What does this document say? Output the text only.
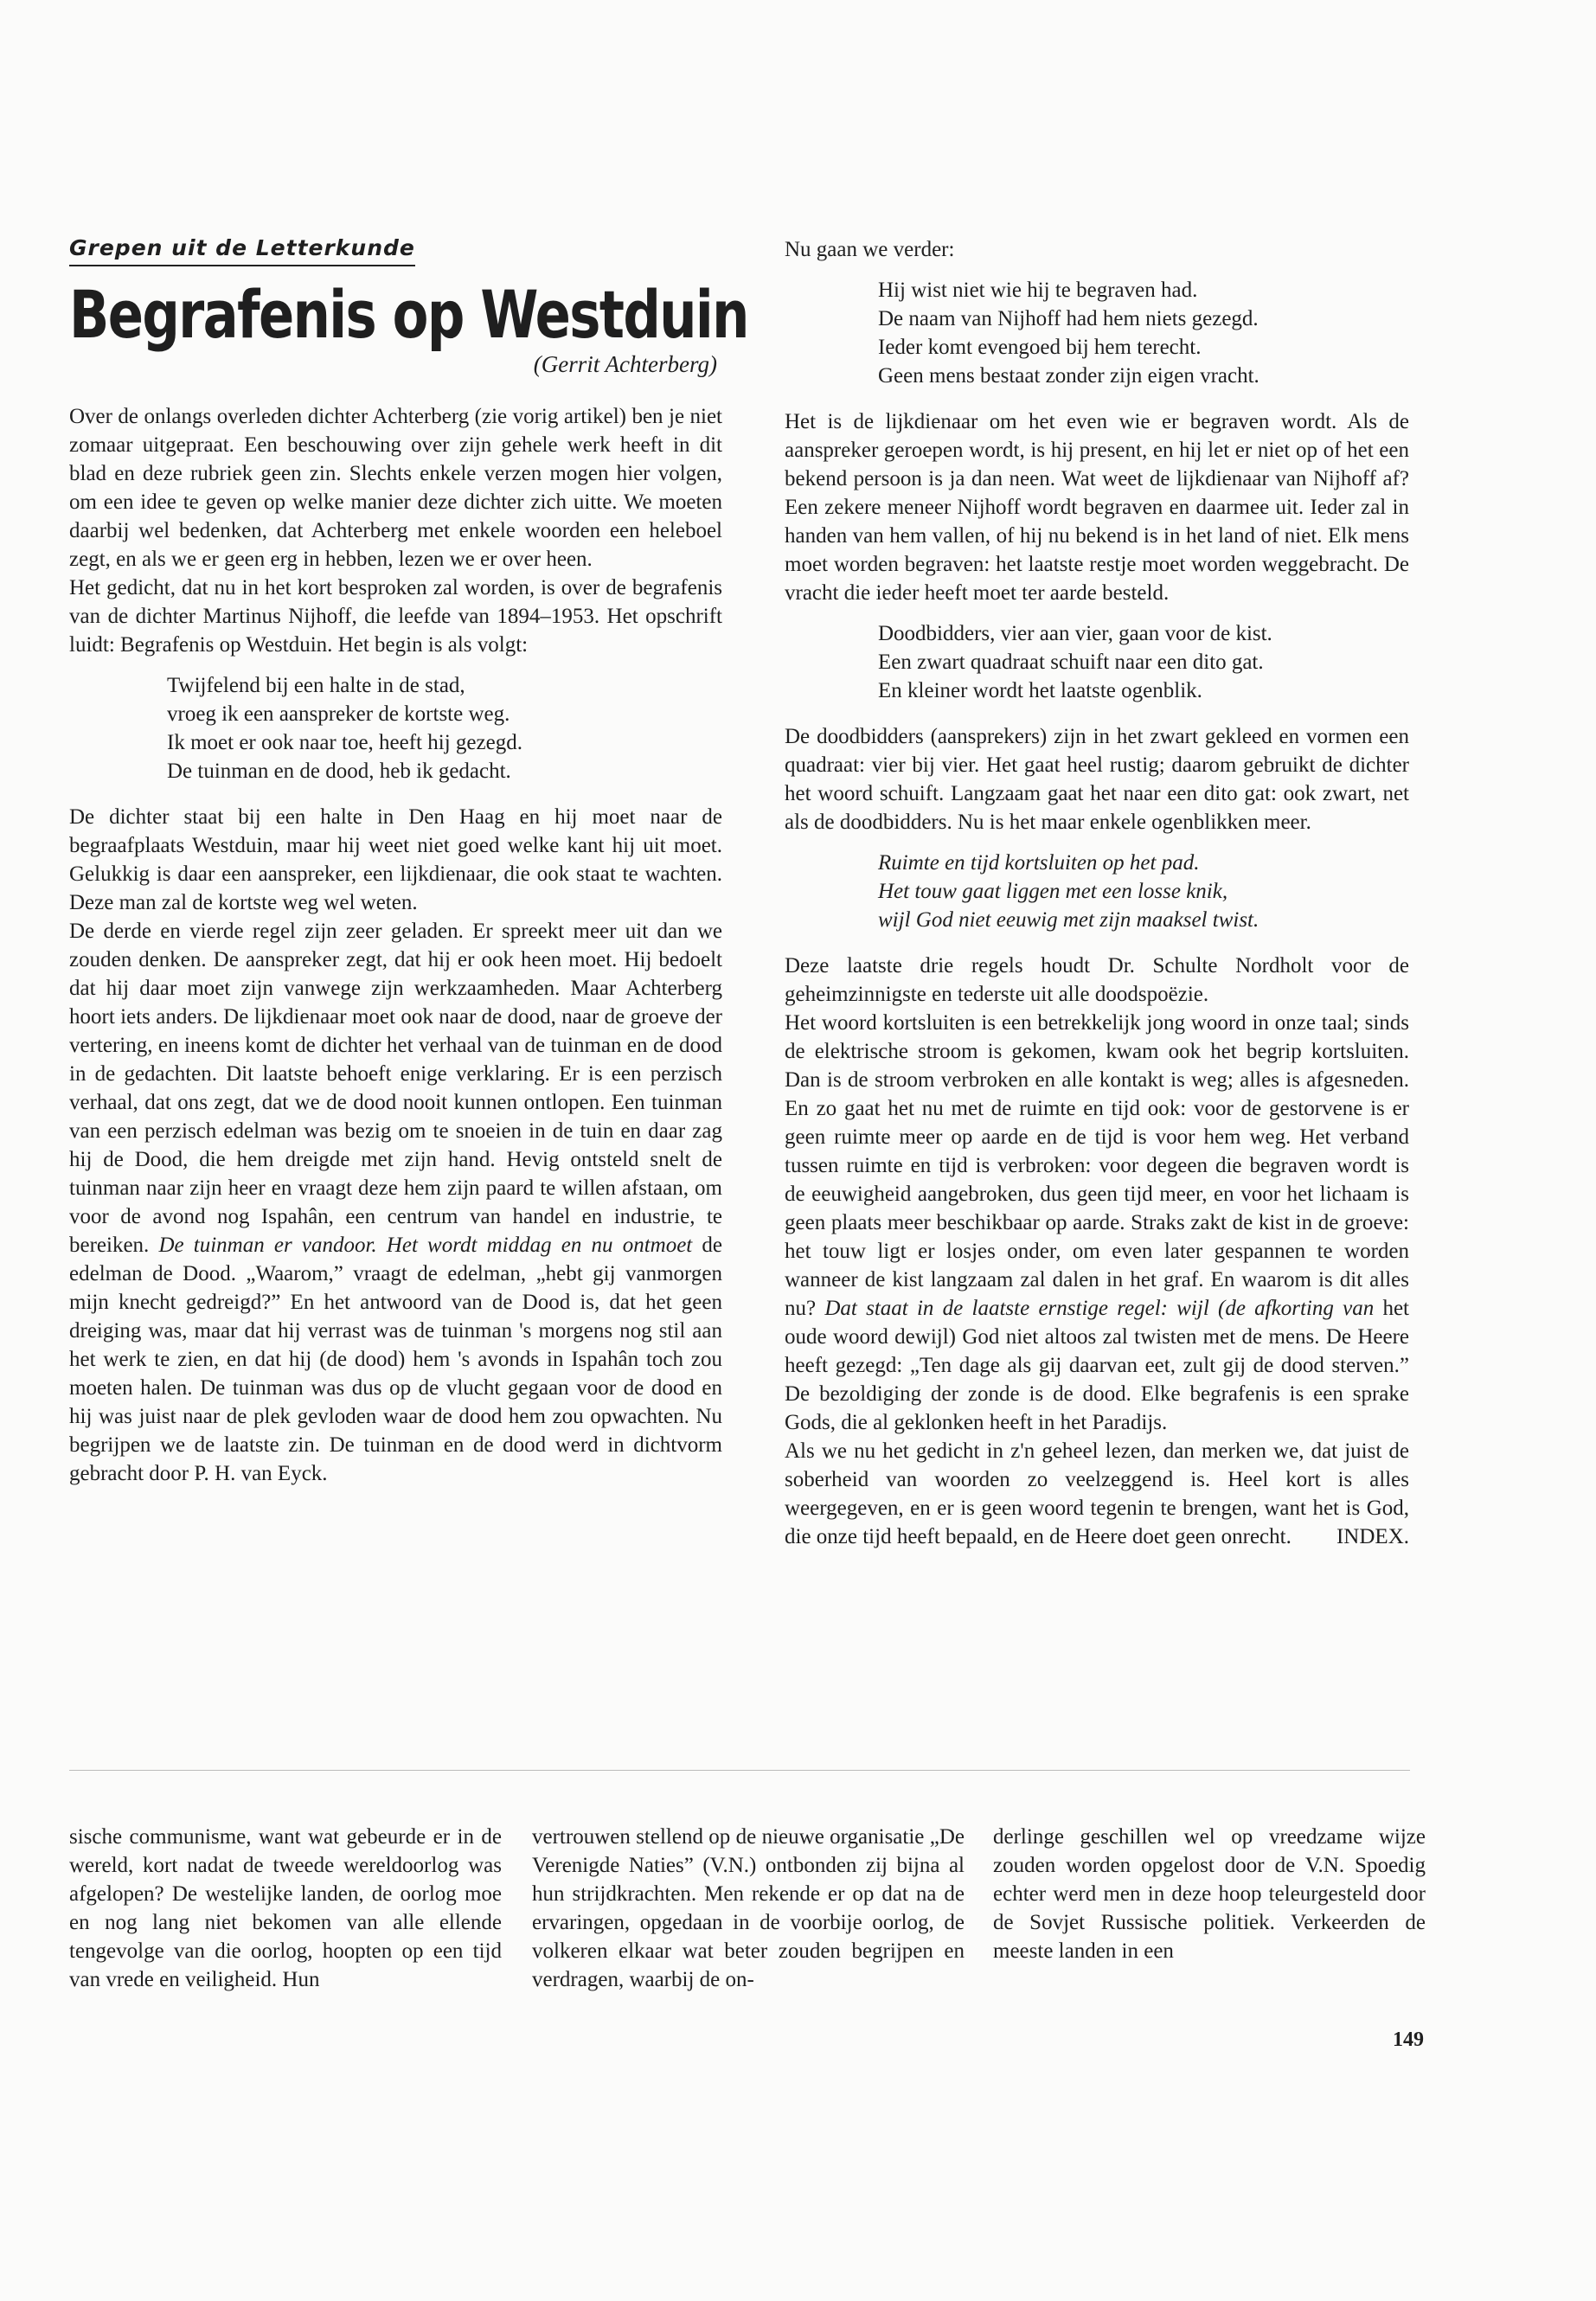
Grepen uit de Letterkunde
Begrafenis op Westduin
(Gerrit Achterberg)

Over de onlangs overleden dichter Achterberg (zie vorig artikel) ben je niet zomaar uitgepraat. Een beschouwing over zijn gehele werk heeft in dit blad en deze rubriek geen zin. Slechts enkele verzen mogen hier volgen, om een idee te geven op welke manier deze dichter zich uitte. We moeten daarbij wel bedenken, dat Achterberg met enkele woorden een heleboel zegt, en als we er geen erg in hebben, lezen we er over heen.

Het gedicht, dat nu in het kort besproken zal worden, is over de begrafenis van de dichter Martinus Nijhoff, die leefde van 1894–1953. Het opschrift luidt: Begrafenis op Westduin. Het begin is als volgt:

Twijfelend bij een halte in de stad,
vroeg ik een aanspreker de kortste weg.
Ik moet er ook naar toe, heeft hij gezegd.
De tuinman en de dood, heb ik gedacht.

De dichter staat bij een halte in Den Haag en hij moet naar de begraafplaats Westduin, maar hij weet niet goed welke kant hij uit moet. Gelukkig is daar een aanspreker, een lijkdienaar, die ook staat te wachten. Deze man zal de kortste weg wel weten.

De derde en vierde regel zijn zeer geladen. Er spreekt meer uit dan we zouden denken. De aanspreker zegt, dat hij er ook heen moet. Hij bedoelt dat hij daar moet zijn vanwege zijn werkzaamheden. Maar Achterberg hoort iets anders. De lijkdienaar moet ook naar de dood, naar de groeve der vertering, en ineens komt de dichter het verhaal van de tuinman en de dood in de gedachten. Dit laatste behoeft enige verklaring. Er is een perzisch verhaal, dat ons zegt, dat we de dood nooit kunnen ontlopen. Een tuinman van een perzisch edelman was bezig om te snoeien in de tuin en daar zag hij de Dood, die hem dreigde met zijn hand. Hevig ontsteld snelt de tuinman naar zijn heer en vraagt deze hem zijn paard te willen afstaan, om voor de avond nog Ispahân, een centrum van handel en industrie, te bereiken. De tuinman er vandoor. Het wordt middag en nu ontmoet de edelman de Dood. „Waarom,” vraagt de edelman, „hebt gij vanmorgen mijn knecht gedreigd?” En het antwoord van de Dood is, dat het geen dreiging was, maar dat hij verrast was de tuinman 's morgens nog stil aan het werk te zien, en dat hij (de dood) hem 's avonds in Ispahân toch zou moeten halen. De tuinman was dus op de vlucht gegaan voor de dood en hij was juist naar de plek gevloden waar de dood hem zou opwachten. Nu begrijpen we de laatste zin. De tuinman en de dood werd in dichtvorm gebracht door P. H. van Eyck.

Nu gaan we verder:

Hij wist niet wie hij te begraven had.
De naam van Nijhoff had hem niets gezegd.
Ieder komt evengoed bij hem terecht.
Geen mens bestaat zonder zijn eigen vracht.

Het is de lijkdienaar om het even wie er begraven wordt. Als de aanspreker geroepen wordt, is hij present, en hij let er niet op of het een bekend persoon is ja dan neen. Wat weet de lijkdienaar van Nijhoff af? Een zekere meneer Nijhoff wordt begraven en daarmee uit. Ieder zal in handen van hem vallen, of hij nu bekend is in het land of niet. Elk mens moet worden begraven: het laatste restje moet worden weggebracht. De vracht die ieder heeft moet ter aarde besteld.

Doodbidders, vier aan vier, gaan voor de kist.
Een zwart quadraat schuift naar een dito gat.
En kleiner wordt het laatste ogenblik.

De doodbidders (aansprekers) zijn in het zwart gekleed en vormen een quadraat: vier bij vier. Het gaat heel rustig; daarom gebruikt de dichter het woord schuift. Langzaam gaat het naar een dito gat: ook zwart, net als de doodbidders. Nu is het maar enkele ogenblikken meer.

Ruimte en tijd kortsluiten op het pad.
Het touw gaat liggen met een losse knik,
wijl God niet eeuwig met zijn maaksel twist.

Deze laatste drie regels houdt Dr. Schulte Nordholt voor de geheimzinnigste en tederste uit alle doodspoëzie.

Het woord kortsluiten is een betrekkelijk jong woord in onze taal; sinds de elektrische stroom is gekomen, kwam ook het begrip kortsluiten. Dan is de stroom verbroken en alle kontakt is weg; alles is afgesneden. En zo gaat het nu met de ruimte en tijd ook: voor de gestorvene is er geen ruimte meer op aarde en de tijd is voor hem weg. Het verband tussen ruimte en tijd is verbroken: voor degeen die begraven wordt is de eeuwigheid aangebroken, dus geen tijd meer, en voor het lichaam is geen plaats meer beschikbaar op aarde. Straks zakt de kist in de groeve: het touw ligt er losjes onder, om even later gespannen te worden wanneer de kist langzaam zal dalen in het graf. En waarom is dit alles nu? Dat staat in de laatste ernstige regel: wijl (de afkorting van het oude woord dewijl) God niet altoos zal twisten met de mens. De Heere heeft gezegd: „Ten dage als gij daarvan eet, zult gij de dood sterven.” De bezoldiging der zonde is de dood. Elke begrafenis is een sprake Gods, die al geklonken heeft in het Paradijs.

Als we nu het gedicht in z'n geheel lezen, dan merken we, dat juist de soberheid van woorden zo veelzeggend is. Heel kort is alles weergegeven, en er is geen woord tegenin te brengen, want het is God, die onze tijd heeft bepaald, en de Heere doet geen onrecht. INDEX.

sische communisme, want wat gebeurde er in de wereld, kort nadat de tweede wereldoorlog was afgelopen? De westelijke landen, de oorlog moe en nog lang niet bekomen van alle ellende tengevolge van die oorlog, hoopten op een tijd van vrede en veiligheid. Hun

vertrouwen stellend op de nieuwe organisatie „De Verenigde Naties” (V.N.) ontbonden zij bijna al hun strijdkrachten. Men rekende er op dat na de ervaringen, opgedaan in de voorbije oorlog, de volkeren elkaar wat beter zouden begrijpen en verdragen, waarbij de on-

derlinge geschillen wel op vreedzame wijze zouden worden opgelost door de V.N. Spoedig echter werd men in deze hoop teleurgesteld door de Sovjet Russische politiek. Verkeerden de meeste landen in een

149
